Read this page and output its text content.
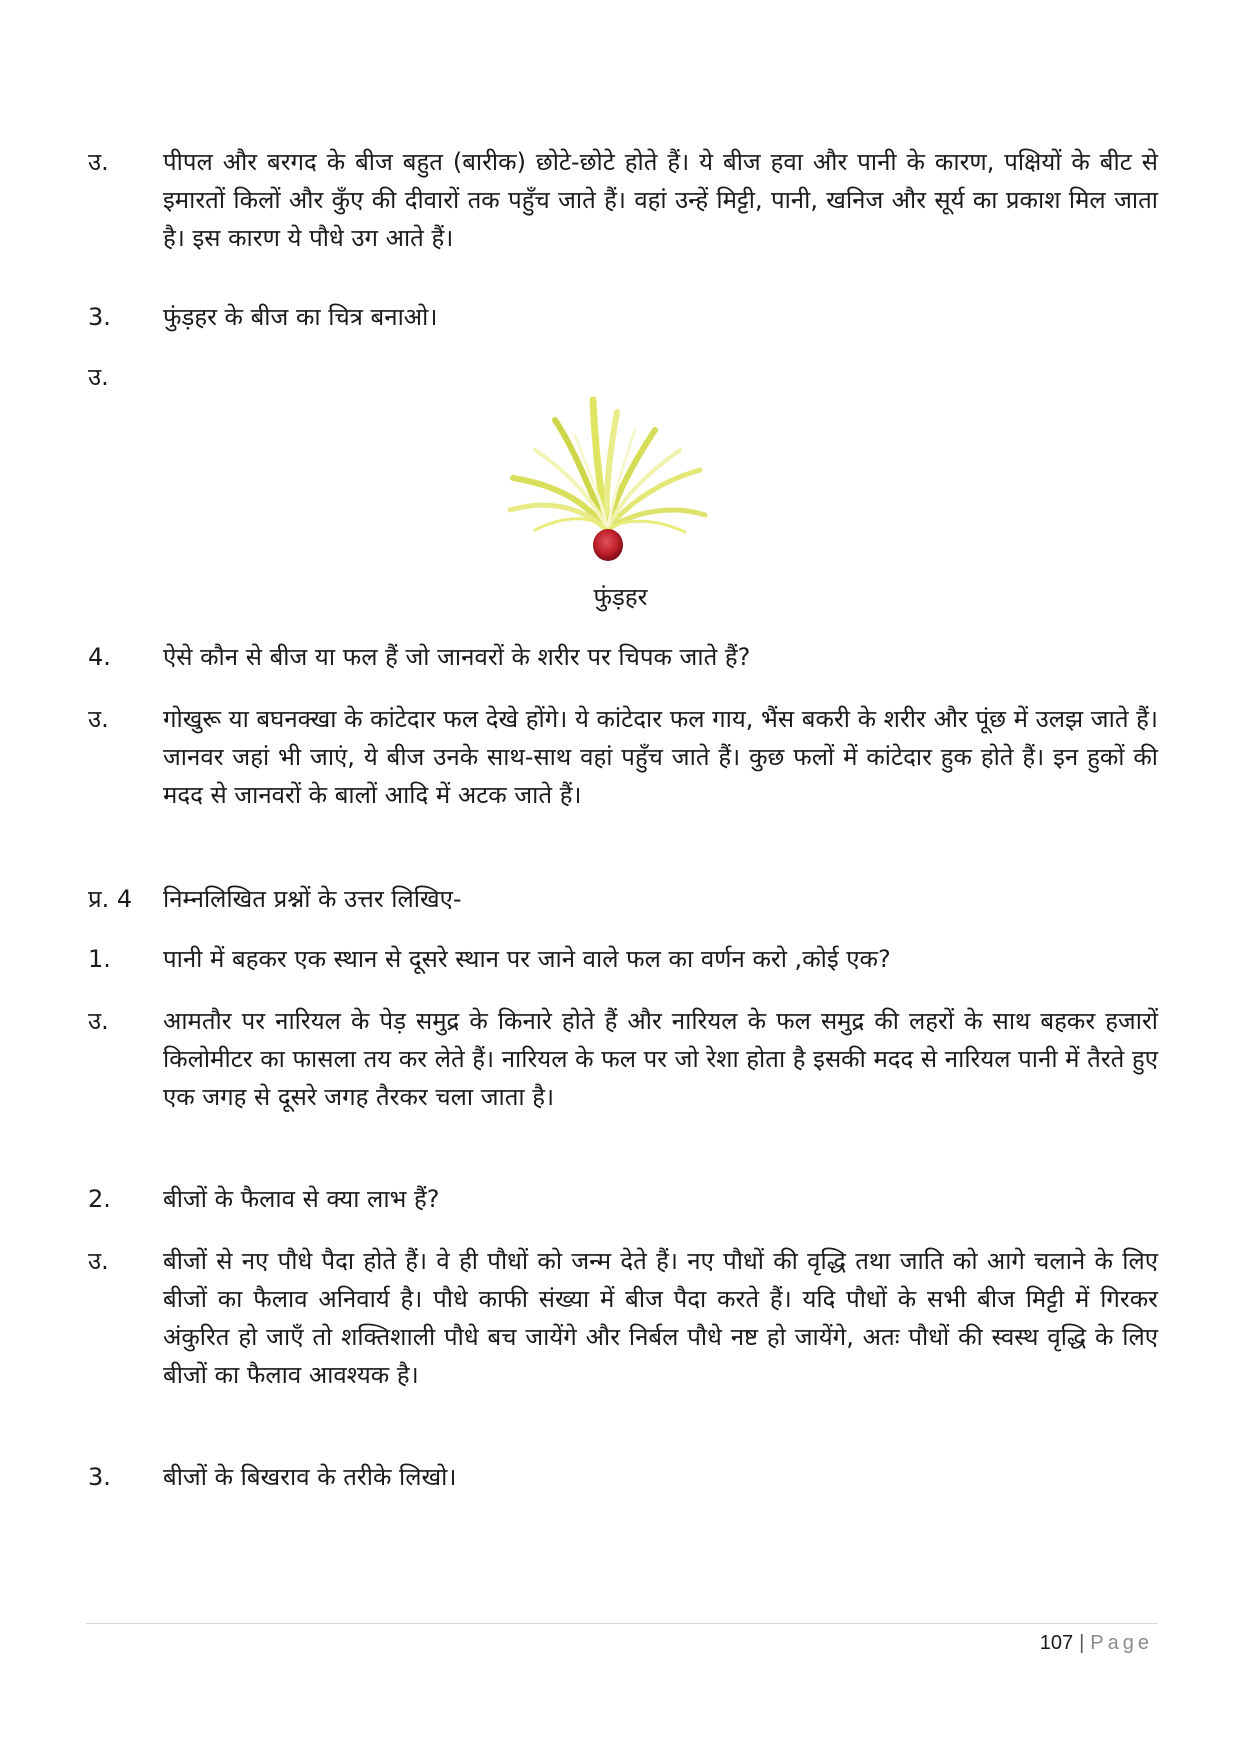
उ.	पीपल और बरगद के बीज बहुत (बारीक) छोटे-छोटे होते हैं। ये बीज हवा और पानी के कारण, पक्षियों के बीट से इमारतों किलों और कुँए की दीवारों तक पहुँच जाते हैं। वहां उन्हें मिट्टी, पानी, खनिज और सूर्य का प्रकाश मिल जाता है। इस कारण ये पौधे उग आते हैं।
3.	फुंड़हर के बीज का चित्र बनाओ।
उ.
फुंड़हर
4.	ऐसे कौन से बीज या फल हैं जो जानवरों के शरीर पर चिपक जाते हैं?
उ.	गोखुरू या बघनक्खा के कांटेदार फल देखे होंगे। ये कांटेदार फल गाय, भैंस बकरी के शरीर और पूंछ में उलझ जाते हैं। जानवर जहां भी जाएं, ये बीज उनके साथ-साथ वहां पहुँच जाते हैं। कुछ फलों में कांटेदार हुक होते हैं। इन हुकों की मदद से जानवरों के बालों आदि में अटक जाते हैं।
प्र. 4	निम्नलिखित प्रश्नों के उत्तर लिखिए-
1.	पानी में बहकर एक स्थान से दूसरे स्थान पर जाने वाले फल का वर्णन करो ,कोई एक?
उ.	आमतौर पर नारियल के पेड़ समुद्र के किनारे होते हैं और नारियल के फल समुद्र की लहरों के साथ बहकर हजारों किलोमीटर का फासला तय कर लेते हैं। नारियल के फल पर जो रेशा होता है इसकी मदद से नारियल पानी में तैरते हुए एक जगह से दूसरे जगह तैरकर चला जाता है।
2.	बीजों के फैलाव से क्या लाभ हैं?
उ.	बीजों से नए पौधे पैदा होते हैं। वे ही पौधों को जन्म देते हैं। नए पौधों की वृद्धि तथा जाति को आगे चलाने के लिए बीजों का फैलाव अनिवार्य है। पौधे काफी संख्या में बीज पैदा करते हैं। यदि पौधों के सभी बीज मिट्टी में गिरकर अंकुरित हो जाएँ तो शक्तिशाली पौधे बच जायेंगे और निर्बल पौधे नष्ट हो जायेंगे, अतः पौधों की स्वस्थ वृद्धि के लिए बीजों का फैलाव आवश्यक है।
3.	बीजों के बिखराव के तरीके लिखो।
107 | Page
